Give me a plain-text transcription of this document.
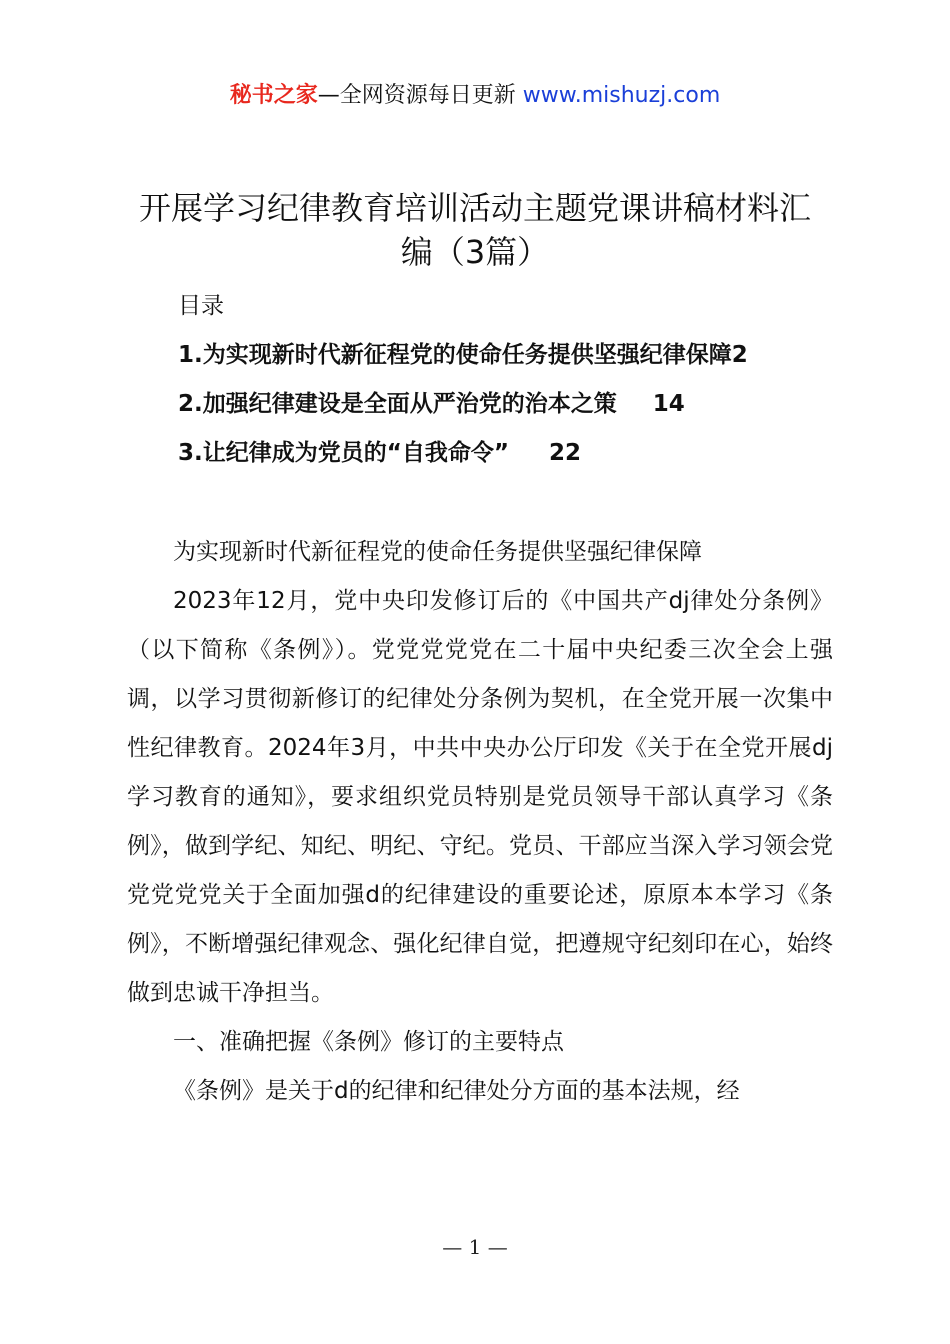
秘书之家—全网资源每日更新 www.mishuzj.com
开展学习纪律教育培训活动主题党课讲稿材料汇编（3篇）
目录
1.为实现新时代新征程党的使命任务提供坚强纪律保障2
2.加强纪律建设是全面从严治党的治本之策 14
3.让纪律成为党员的“自我命令” 22

为实现新时代新征程党的使命任务提供坚强纪律保障

2023年12月，党中央印发修订后的《中国共产dj律处分条例》（以下简称《条例》）。党党党党党在二十届中央纪委三次全会上强调，以学习贯彻新修订的纪律处分条例为契机，在全党开展一次集中性纪律教育。2024年3月，中共中央办公厅印发《关于在全党开展dj学习教育的通知》，要求组织党员特别是党员领导干部认真学习《条例》，做到学纪、知纪、明纪、守纪。党员、干部应当深入学习领会党党党党党关于全面加强d的纪律建设的重要论述，原原本本学习《条例》，不断增强纪律观念、强化纪律自觉，把遵规守纪刻印在心，始终做到忠诚干净担当。

一、准确把握《条例》修订的主要特点

《条例》是关于d的纪律和纪律处分方面的基本法规，经

— 1 —
